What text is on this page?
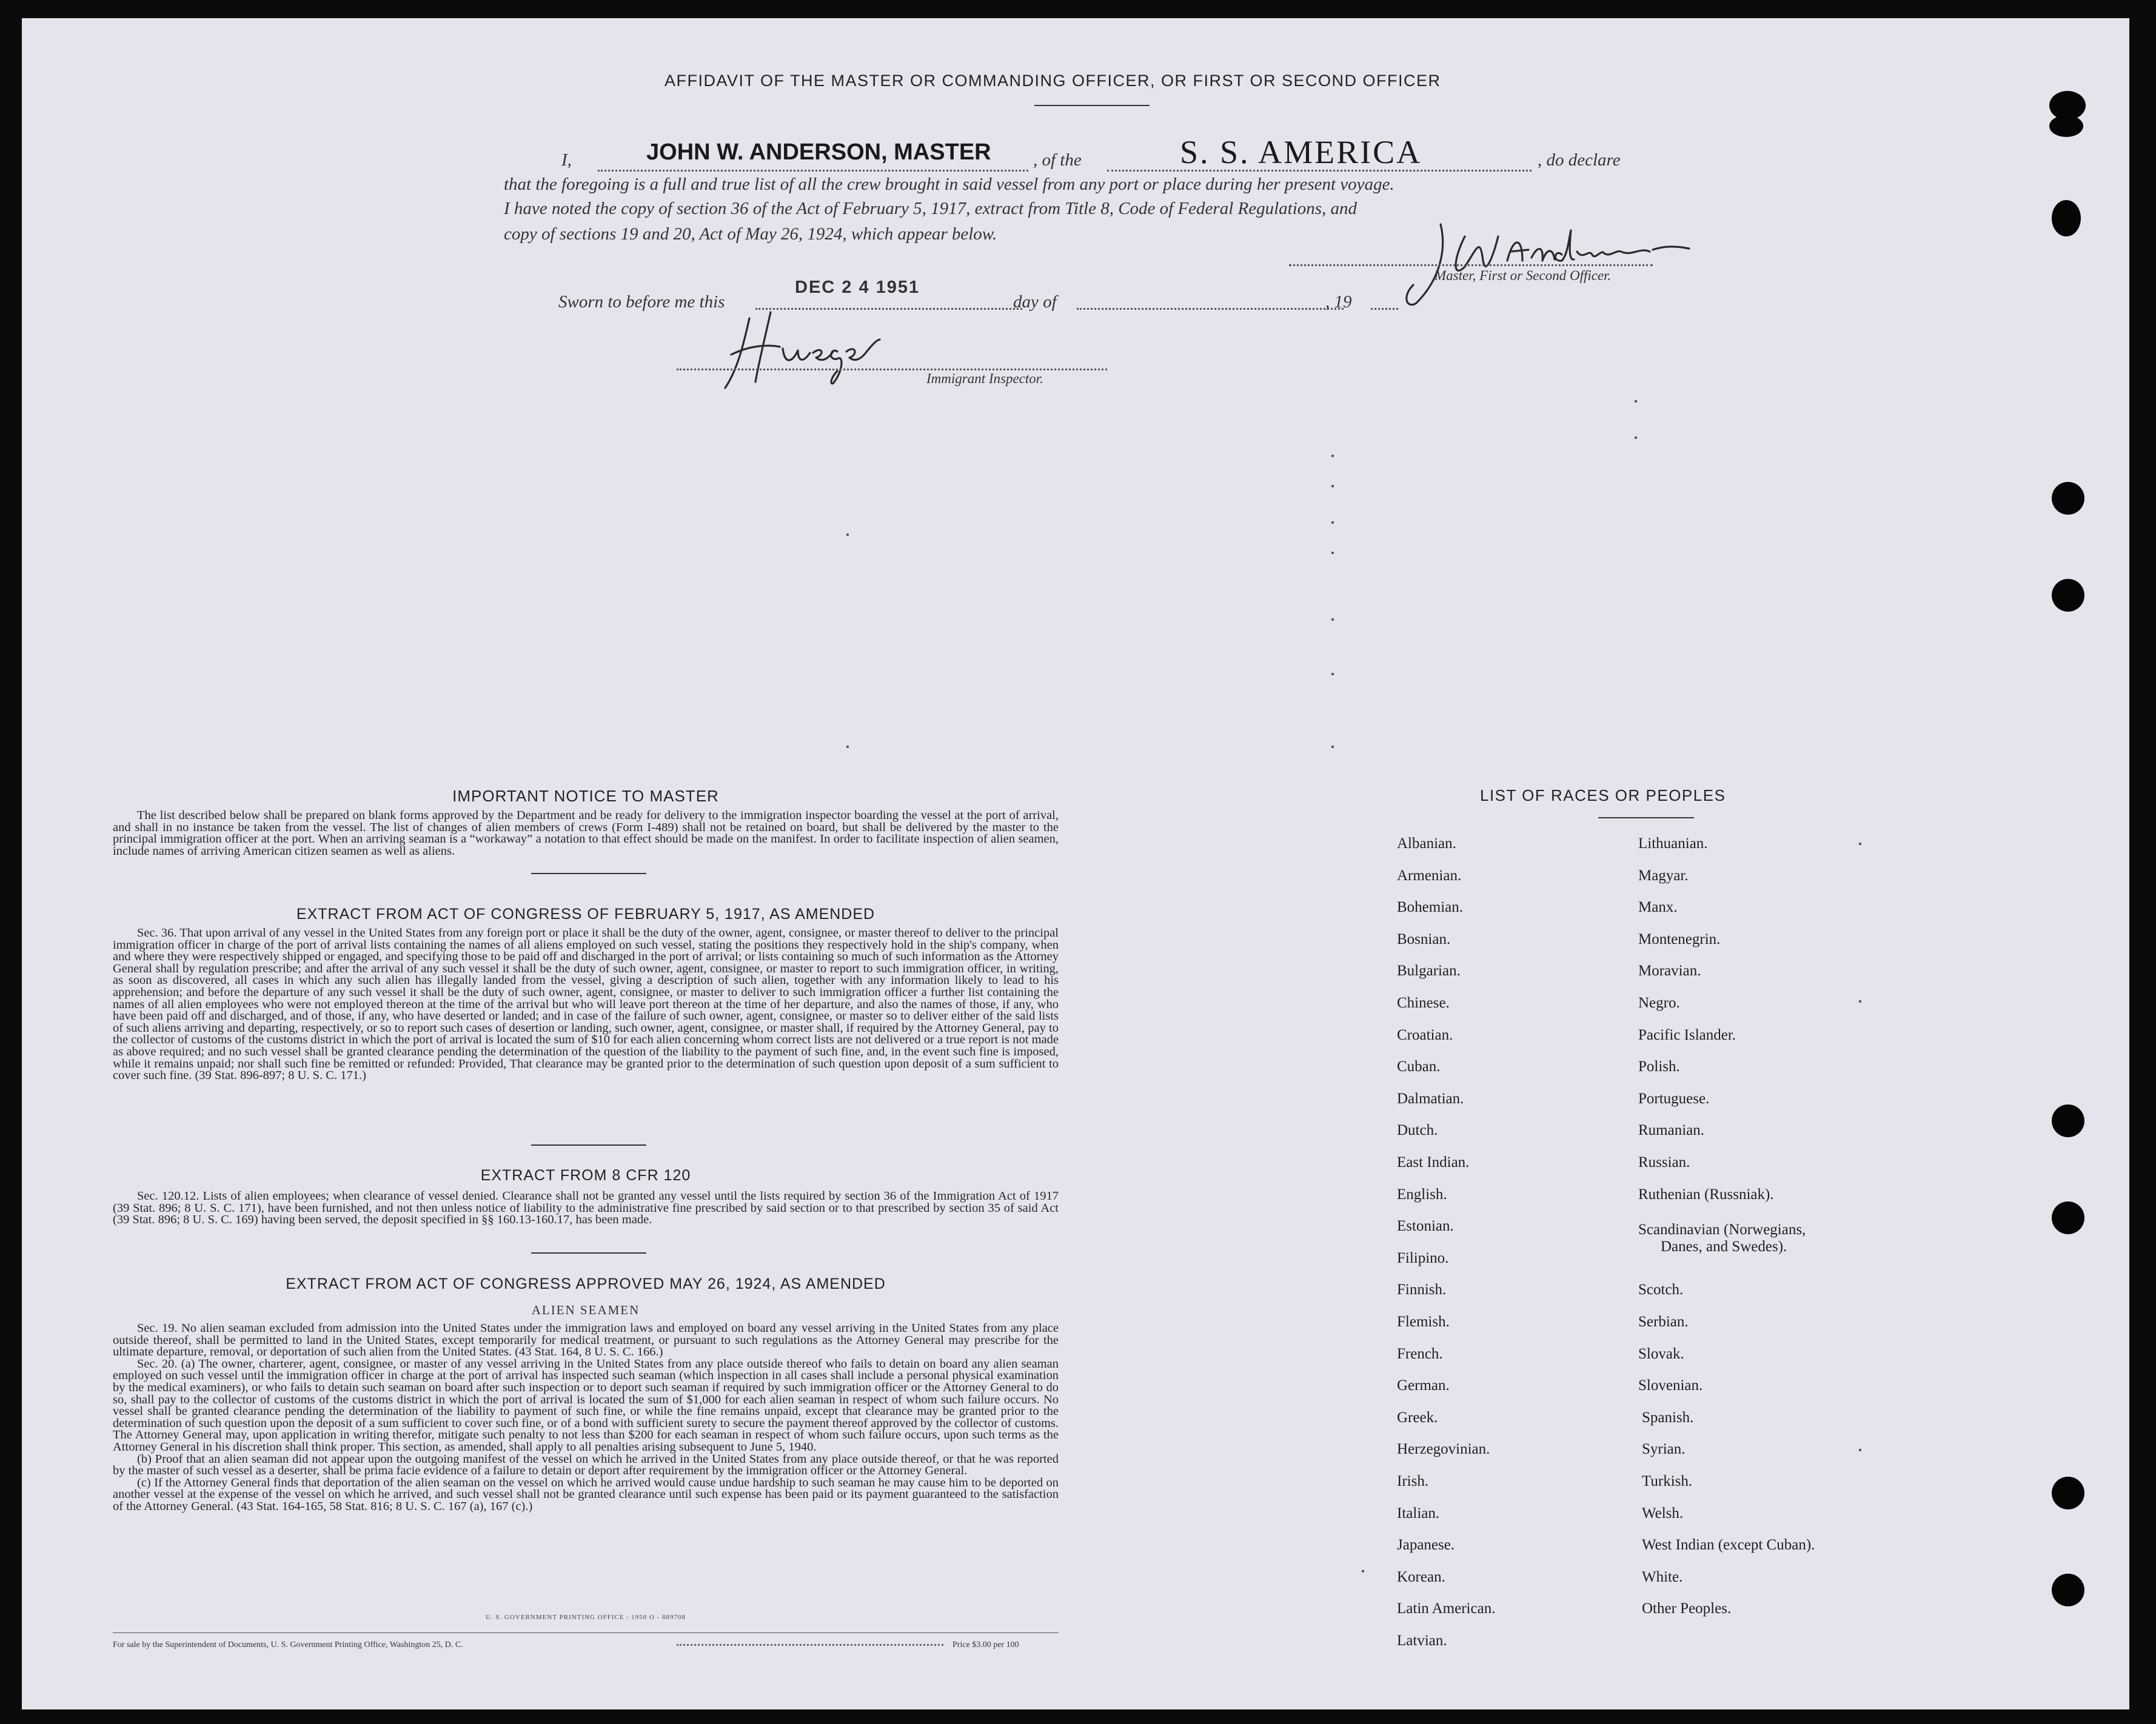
AFFIDAVIT OF THE MASTER OR COMMANDING OFFICER, OR FIRST OR SECOND OFFICER
I,	JOHN W. ANDERSON, MASTER , of the	S. S. AMERICA	, do declare
that the foregoing is a full and true list of all the crew brought in said vessel from any port or place during her present voyage.
I have noted the copy of section 36 of the Act of February 5, 1917, extract from Title 8, Code of Federal Regulations, and
copy of sections 19 and 20, Act of May 26, 1924, which appear below.
Master, First or Second Officer.
Sworn to before me this
DEC 2 4 1951
day of	, 19
Immigrant Inspector.
IMPORTANT NOTICE TO MASTER

The list described below shall be prepared on blank forms approved by the Department and be ready for delivery to the immigration inspector boarding the vessel at the port of arrival, and shall in no instance be taken from the vessel. The list of changes of alien members of crews (Form I-489) shall not be retained on board, but shall be delivered by the master to the principal immigration officer at the port. When an arriving seaman is a “workaway” a notation to that effect should be made on the manifest. In order to facilitate inspection of alien seamen, include names of arriving American citizen seamen as well as aliens.

EXTRACT FROM ACT OF CONGRESS OF FEBRUARY 5, 1917, AS AMENDED

Sec. 36. That upon arrival of any vessel in the United States from any foreign port or place it shall be the duty of the owner, agent, consignee, or master thereof to deliver to the principal immigration officer in charge of the port of arrival lists containing the names of all aliens employed on such vessel, stating the positions they respectively hold in the ship's company, when and where they were respectively shipped or engaged, and specifying those to be paid off and discharged in the port of arrival; or lists containing so much of such information as the Attorney General shall by regulation prescribe; and after the arrival of any such vessel it shall be the duty of such owner, agent, consignee, or master to report to such immigration officer, in writing, as soon as discovered, all cases in which any such alien has illegally landed from the vessel, giving a description of such alien, together with any information likely to lead to his apprehension; and before the departure of any such vessel it shall be the duty of such owner, agent, consignee, or master to deliver to such immigration officer a further list containing the names of all alien employees who were not employed thereon at the time of the arrival but who will leave port thereon at the time of her departure, and also the names of those, if any, who have been paid off and discharged, and of those, if any, who have deserted or landed; and in case of the failure of such owner, agent, consignee, or master so to deliver either of the said lists of such aliens arriving and departing, respectively, or so to report such cases of desertion or landing, such owner, agent, consignee, or master shall, if required by the Attorney General, pay to the collector of customs of the customs district in which the port of arrival is located the sum of $10 for each alien concerning whom correct lists are not delivered or a true report is not made as above required; and no such vessel shall be granted clearance pending the determination of the question of the liability to the payment of such fine, and, in the event such fine is imposed, while it remains unpaid; nor shall such fine be remitted or refunded: Provided, That clearance may be granted prior to the determination of such question upon deposit of a sum sufficient to cover such fine. (39 Stat. 896-897; 8 U. S. C. 171.)

EXTRACT FROM 8 CFR 120

Sec. 120.12. Lists of alien employees; when clearance of vessel denied. Clearance shall not be granted any vessel until the lists required by section 36 of the Immigration Act of 1917 (39 Stat. 896; 8 U. S. C. 171), have been furnished, and not then unless notice of liability to the administrative fine prescribed by said section or to that prescribed by section 35 of said Act (39 Stat. 896; 8 U. S. C. 169) having been served, the deposit specified in §§ 160.13-160.17, has been made.

EXTRACT FROM ACT OF CONGRESS APPROVED MAY 26, 1924, AS AMENDED
ALIEN SEAMEN

Sec. 19. No alien seaman excluded from admission into the United States under the immigration laws and employed on board any vessel arriving in the United States from any place outside thereof, shall be permitted to land in the United States, except temporarily for medical treatment, or pursuant to such regulations as the Attorney General may prescribe for the ultimate departure, removal, or deportation of such alien from the United States. (43 Stat. 164, 8 U. S. C. 166.)

Sec. 20. (a) The owner, charterer, agent, consignee, or master of any vessel arriving in the United States from any place outside thereof who fails to detain on board any alien seaman employed on such vessel until the immigration officer in charge at the port of arrival has inspected such seaman (which inspection in all cases shall include a personal physical examination by the medical examiners), or who fails to detain such seaman on board after such inspection or to deport such seaman if required by such immigration officer or the Attorney General to do so, shall pay to the collector of customs of the customs district in which the port of arrival is located the sum of $1,000 for each alien seaman in respect of whom such failure occurs. No vessel shall be granted clearance pending the determination of the liability to payment of such fine, or while the fine remains unpaid, except that clearance may be granted prior to the determination of such question upon the deposit of a sum sufficient to cover such fine, or of a bond with sufficient surety to secure the payment thereof approved by the collector of customs. The Attorney General may, upon application in writing therefor, mitigate such penalty to not less than $200 for each seaman in respect of whom such failure occurs, upon such terms as the Attorney General in his discretion shall think proper. This section, as amended, shall apply to all penalties arising subsequent to June 5, 1940.

(b) Proof that an alien seaman did not appear upon the outgoing manifest of the vessel on which he arrived in the United States from any place outside thereof, or that he was reported by the master of such vessel as a deserter, shall be prima facie evidence of a failure to detain or deport after requirement by the immigration officer or the Attorney General.

(c) If the Attorney General finds that deportation of the alien seaman on the vessel on which he arrived would cause undue hardship to such seaman he may cause him to be deported on another vessel at the expense of the vessel on which he arrived, and such vessel shall not be granted clearance until such expense has been paid or its payment guaranteed to the satisfaction of the Attorney General. (43 Stat. 164-165, 58 Stat. 816; 8 U. S. C. 167 (a), 167 (c).)

U. S. GOVERNMENT PRINTING OFFICE : 1950 O - 889708
For sale by the Superintendent of Documents, U. S. Government Printing Office, Washington 25, D. C.	Price $3.00 per 100
LIST OF RACES OR PEOPLES
Albanian.
Armenian.
Bohemian.
Bosnian.
Bulgarian.
Chinese.
Croatian.
Cuban.
Dalmatian.
Dutch.
East Indian.
English.
Estonian.
Filipino.
Finnish.
Flemish.
French.
German.
Greek.
Herzegovinian.
Irish.
Italian.
Japanese.
Korean.
Latin American.
Latvian.
Lithuanian.
Magyar.
Manx.
Montenegrin.
Moravian.
Negro.
Pacific Islander.
Polish.
Portuguese.
Rumanian.
Russian.
Ruthenian (Russniak).
Scandinavian (Norwegians,
Danes, and Swedes).
Scotch.
Serbian.
Slovak.
Slovenian.
Spanish.
Syrian.
Turkish.
Welsh.
West Indian (except Cuban).
White.
Other Peoples.
